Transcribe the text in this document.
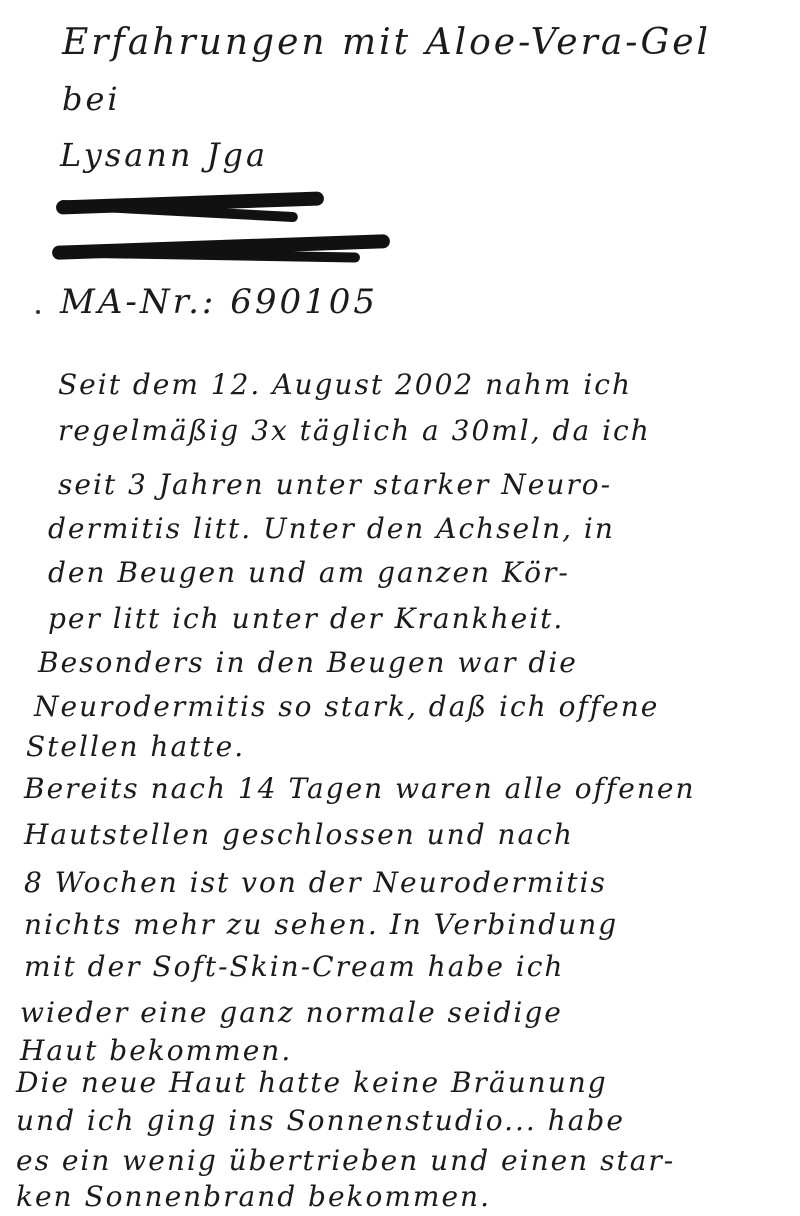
Erfahrungen mit Aloe-Vera-Gel
bei
Lysann Jga
MA-Nr.: 690105
Seit dem 12. August 2002 nahm ich
regelmäßig 3x täglich a 30ml, da ich
seit 3 Jahren unter starker Neuro-
dermitis litt. Unter den Achseln, in
den Beugen und am ganzen Kör-
per litt ich unter der Krankheit.
Besonders in den Beugen war die
Neurodermitis so stark, daß ich offene
Stellen hatte.
Bereits nach 14 Tagen waren alle offenen
Hautstellen geschlossen und nach
8 Wochen ist von der Neurodermitis
nichts mehr zu sehen. In Verbindung
mit der Soft-Skin-Cream habe ich
wieder eine ganz normale seidige
Haut bekommen.
Die neue Haut hatte keine Bräunung
und ich ging ins Sonnenstudio... habe
es ein wenig übertrieben und einen star-
ken Sonnenbrand bekommen.
